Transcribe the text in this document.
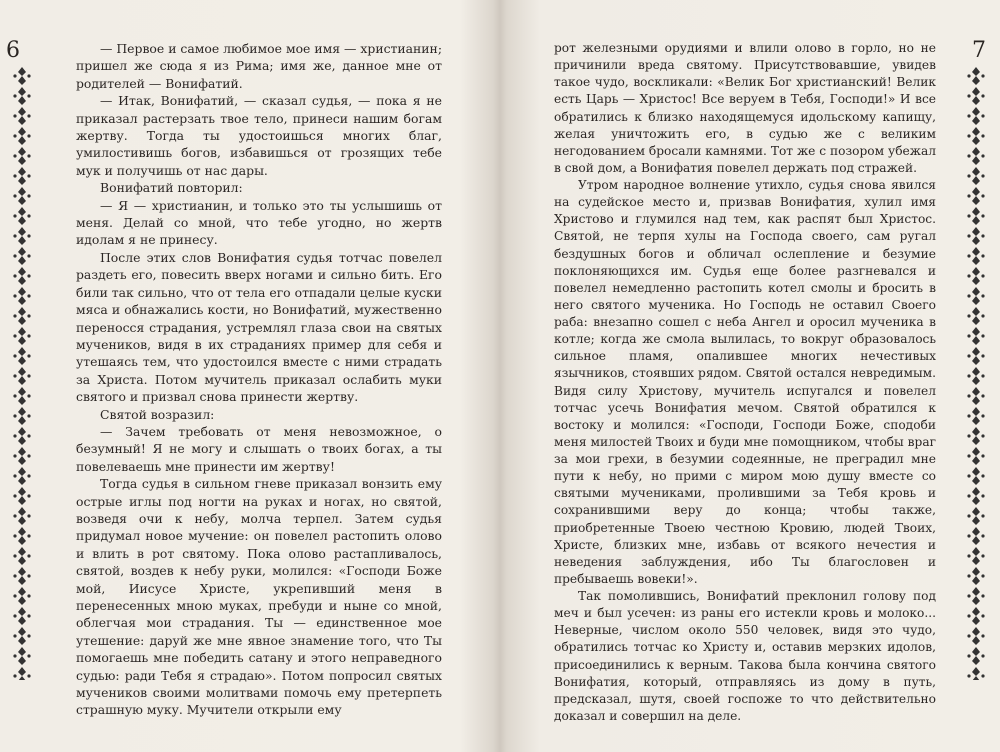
6	— Первое и самое любимое мое имя — христианин; пришел же сюда я из Рима; имя же, данное мне от родителей — Вонифатий.

— Итак, Вонифатий, — сказал судья, — пока я не приказал растерзать твое тело, принеси нашим богам жертву. Тогда ты удостоишься многих благ, умилостивишь богов, избавишься от грозящих тебе мук и получишь от нас дары.

Вонифатий повторил:

— Я — христианин, и только это ты услышишь от меня. Делай со мной, что тебе угодно, но жертв идолам я не принесу.

После этих слов Вонифатия судья тотчас повелел раздеть его, повесить вверх ногами и сильно бить. Его били так сильно, что от тела его отпадали целые куски мяса и обнажались кости, но Вонифатий, мужественно переносся страдания, устремлял глаза свои на святых мучеников, видя в их страданиях пример для себя и утешаясь тем, что удостоился вместе с ними страдать за Христа. Потом мучитель приказал ослабить муки святого и призвал снова принести жертву.

Святой возразил:

— Зачем требовать от меня невозможное, о безумный! Я не могу и слышать о твоих богах, а ты повелеваешь мне принести им жертву!

Тогда судья в сильном гневе приказал вонзить ему острые иглы под ногти на руках и ногах, но святой, возведя очи к небу, молча терпел. Затем судья придумал новое мучение: он повелел растопить олово и влить в рот святому. Пока олово растапливалось, святой, воздев к небу руки, молился: «Господи Боже мой, Иисусе Христе, укрепивший меня в перенесенных мною муках, пребуди и ныне со мной, облегчая мои страдания. Ты — единственное мое утешение: даруй же мне явное знамение того, что Ты помогаешь мне победить сатану и этого неправедного судью: ради Тебя я страдаю». Потом попросил святых мучеников своими молитвами помочь ему претерпеть страшную муку. Мучители открыли ему

7

рот железными орудиями и влили олово в горло, но не причинили вреда святому. Присутствовавшие, увидев такое чудо, воскликали: «Велик Бог христианский! Велик есть Царь — Христос! Все веруем в Тебя, Господи!» И все обратились к близко находящемуся идольскому капищу, желая уничтожить его, в судью же с великим негодованием бросали камнями. Тот же с позором убежал в свой дом, а Вонифатия повелел держать под стражей.

Утром народное волнение утихло, судья снова явился на судейское место и, призвав Вонифатия, хулил имя Христово и глумился над тем, как распят был Христос. Святой, не терпя хулы на Господа своего, сам ругал бездушных богов и обличал ослепление и безумие поклоняющихся им. Судья еще более разгневался и повелел немедленно растопить котел смолы и бросить в него святого мученика. Но Господь не оставил Своего раба: внезапно сошел с неба Ангел и оросил мученика в котле; когда же смола вылилась, то вокруг образовалось сильное пламя, опалившее многих нечестивых язычников, стоявших рядом. Святой остался невредимым. Видя силу Христову, мучитель испугался и повелел тотчас усечь Вонифатия мечом. Святой обратился к востоку и молился: «Господи, Господи Боже, сподоби меня милостей Твоих и буди мне помощником, чтобы враг за мои грехи, в безумии содеянные, не преградил мне пути к небу, но прими с миром мою душу вместе со святыми мучениками, пролившими за Тебя кровь и сохранившими веру до конца; чтобы также, приобретенные Твоею честною Кровию, людей Твоих, Христе, близких мне, избавь от всякого нечестия и неведения заблуждения, ибо Ты благословен и пребываешь вовеки!».

Так помолившись, Вонифатий преклонил голову под меч и был усечен: из раны его истекли кровь и молоко... Неверные, числом около 550 человек, видя это чудо, обратились тотчас ко Христу и, оставив мерзких идолов, присоединились к верным. Такова была кончина святого Вонифатия, который, отправляясь из дому в путь, предсказал, шутя, своей госпоже то что действительно доказал и совершил на деле.
